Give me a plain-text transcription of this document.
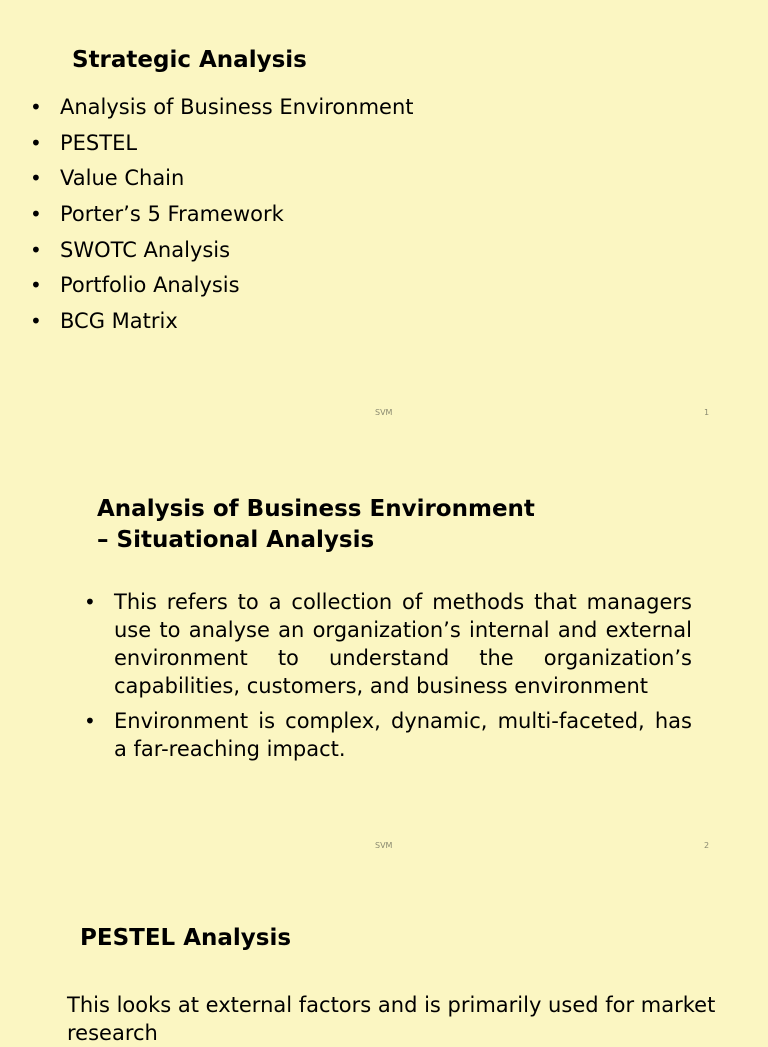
Strategic Analysis
• Analysis of Business Environment
• PESTEL
• Value Chain
• Porter’s 5 Framework
• SWOTC Analysis
• Portfolio Analysis
• BCG Matrix
SVM	1
Analysis of Business Environment
– Situational Analysis
• This refers to a collection of methods that managers use to analyse an organization’s internal and external environment to understand the organization’s capabilities, customers, and business environment
• Environment is complex, dynamic, multi-faceted, has a far-reaching impact.
SVM	2
PESTEL Analysis

This looks at external factors and is primarily used for market research
